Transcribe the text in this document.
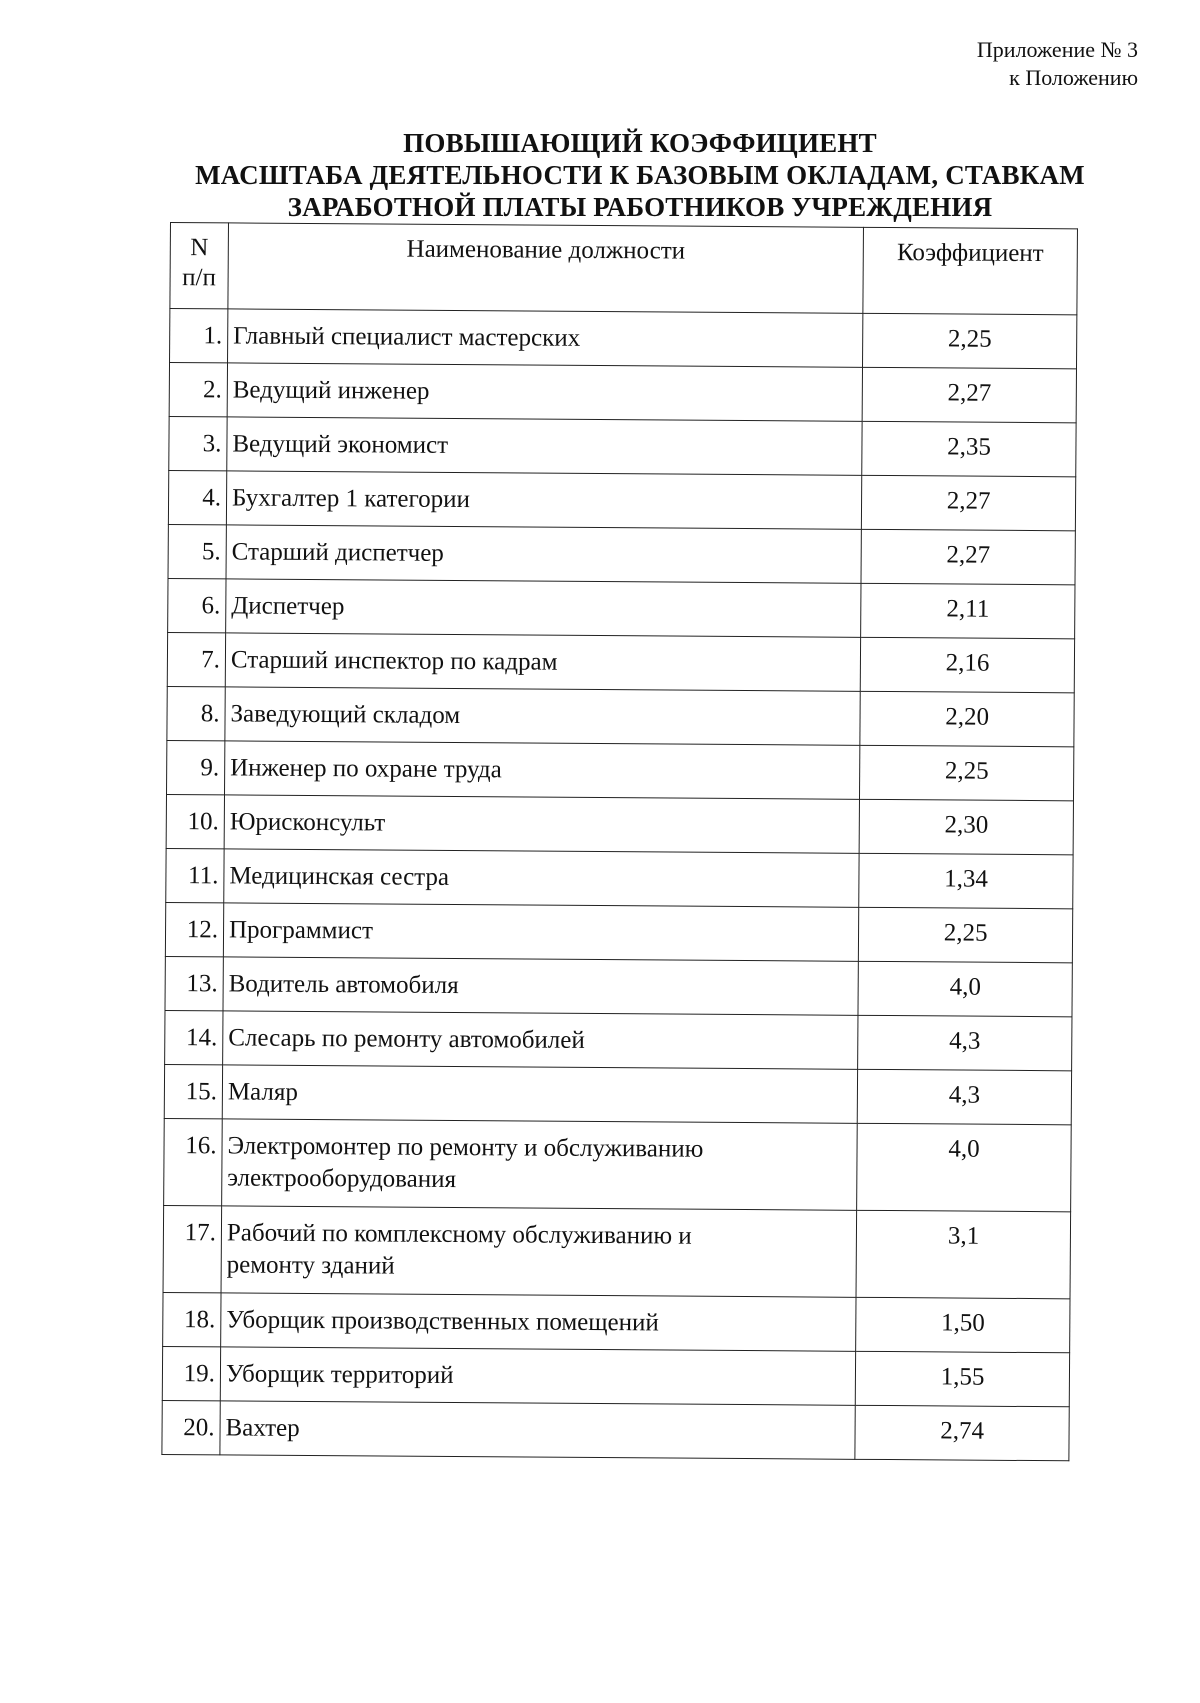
Приложение № 3
к Положению
ПОВЫШАЮЩИЙ КОЭФФИЦИЕНТ
МАСШТАБА ДЕЯТЕЛЬНОСТИ К БАЗОВЫМ ОКЛАДАМ, СТАВКАМ
ЗАРАБОТНОЙ ПЛАТЫ РАБОТНИКОВ УЧРЕЖДЕНИЯ
N
п/п	Наименование должности	Коэффициент

1.	Главный специалист мастерских	2,25
2.	Ведущий инженер	2,27
3.	Ведущий экономист	2,35
4.	Бухгалтер 1 категории	2,27
5.	Старший диспетчер	2,27
6.	Диспетчер	2,11
7.	Старший инспектор по кадрам	2,16
8.	Заведующий складом	2,20
9.	Инженер по охране труда	2,25
10.	Юрисконсульт	2,30
11.	Медицинская сестра	1,34
12.	Программист	2,25
13.	Водитель автомобиля	4,0
14.	Слесарь по ремонту автомобилей	4,3
15.	Маляр	4,3
16.	Электромонтер по ремонту и обслуживанию
электрооборудования	4,0
17.	Рабочий по комплексному обслуживанию и
ремонту зданий	3,1
18.	Уборщик производственных помещений	1,50
19.	Уборщик территорий	1,55
20.	Вахтер	2,74
